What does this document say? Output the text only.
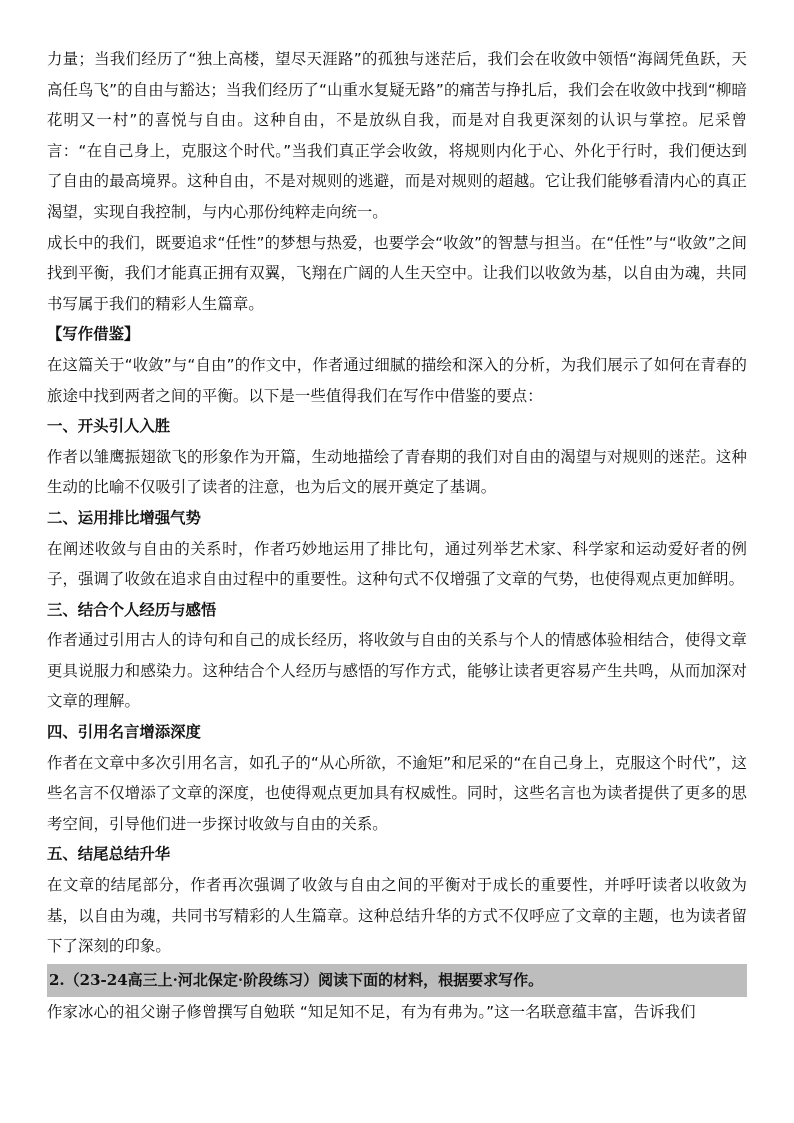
力量；当我们经历了“独上高楼，望尽天涯路”的孤独与迷茫后，我们会在收敛中领悟“海阔凭鱼跃，天高任鸟飞”的自由与豁达；当我们经历了“山重水复疑无路”的痛苦与挣扎后，我们会在收敛中找到“柳暗花明又一村”的喜悦与自由。这种自由，不是放纵自我，而是对自我更深刻的认识与掌控。尼采曾言：“在自己身上，克服这个时代。”当我们真正学会收敛，将规则内化于心、外化于行时，我们便达到了自由的最高境界。这种自由，不是对规则的逃避，而是对规则的超越。它让我们能够看清内心的真正渴望，实现自我控制，与内心那份纯粹走向统一。

成长中的我们，既要追求“任性”的梦想与热爱，也要学会“收敛”的智慧与担当。在“任性”与“收敛”之间找到平衡，我们才能真正拥有双翼，飞翔在广阔的人生天空中。让我们以收敛为基，以自由为魂，共同书写属于我们的精彩人生篇章。

【写作借鉴】

在这篇关于“收敛”与“自由”的作文中，作者通过细腻的描绘和深入的分析，为我们展示了如何在青春的旅途中找到两者之间的平衡。以下是一些值得我们在写作中借鉴的要点：

一、开头引人入胜

作者以雏鹰振翅欲飞的形象作为开篇，生动地描绘了青春期的我们对自由的渴望与对规则的迷茫。这种生动的比喻不仅吸引了读者的注意，也为后文的展开奠定了基调。

二、运用排比增强气势

在阐述收敛与自由的关系时，作者巧妙地运用了排比句，通过列举艺术家、科学家和运动爱好者的例子，强调了收敛在追求自由过程中的重要性。这种句式不仅增强了文章的气势，也使得观点更加鲜明。

三、结合个人经历与感悟

作者通过引用古人的诗句和自己的成长经历，将收敛与自由的关系与个人的情感体验相结合，使得文章更具说服力和感染力。这种结合个人经历与感悟的写作方式，能够让读者更容易产生共鸣，从而加深对文章的理解。

四、引用名言增添深度

作者在文章中多次引用名言，如孔子的“从心所欲，不逾矩”和尼采的“在自己身上，克服这个时代”，这些名言不仅增添了文章的深度，也使得观点更加具有权威性。同时，这些名言也为读者提供了更多的思考空间，引导他们进一步探讨收敛与自由的关系。

五、结尾总结升华

在文章的结尾部分，作者再次强调了收敛与自由之间的平衡对于成长的重要性，并呼吁读者以收敛为基，以自由为魂，共同书写精彩的人生篇章。这种总结升华的方式不仅呼应了文章的主题，也为读者留下了深刻的印象。

2.（23-24高三上·河北保定·阶段练习）阅读下面的材料，根据要求写作。

作家冰心的祖父谢子修曾撰写自勉联 “知足知不足，有为有弗为。”这一名联意蕴丰富，告诉我们
